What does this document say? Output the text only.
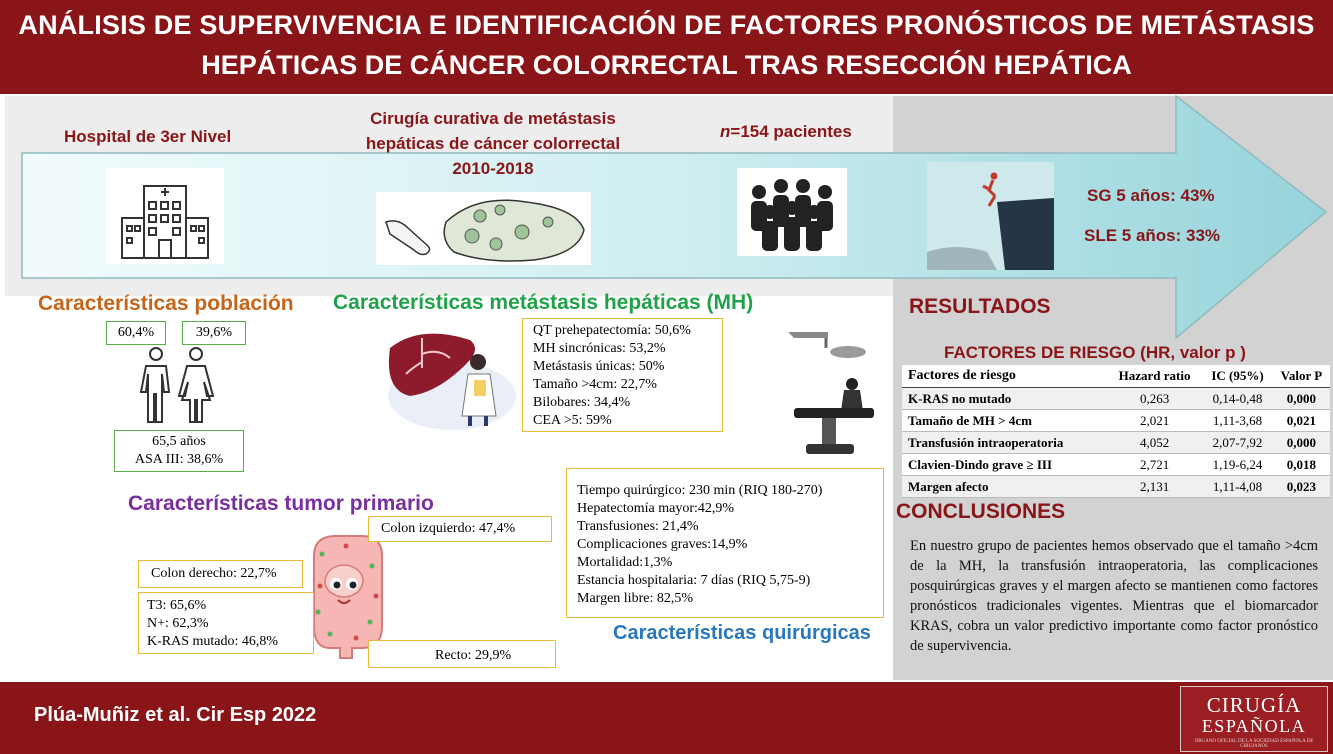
ANÁLISIS DE SUPERVIVENCIA E IDENTIFICACIÓN DE FACTORES PRONÓSTICOS DE METÁSTASIS
HEPÁTICAS DE CÁNCER COLORRECTAL TRAS RESECCIÓN HEPÁTICA
Hospital de 3er Nivel
Cirugía curativa de metástasis
hepáticas de cáncer colorrectal
2010-2018
n=154 pacientes
SG 5 años: 43%
SLE 5 años: 33%
Características población
60,4%	39,6%
65,5 años
ASA III: 38,6%
Características metástasis hepáticas (MH)
QT prehepatectomía: 50,6%
MH sincrónicas: 53,2%
Metástasis únicas: 50%
Tamaño >4cm: 22,7%
Bilobares: 34,4%
CEA >5: 59%
Características tumor primario
Colon izquierdo: 47,4%
Colon derecho: 22,7%
T3: 65,6%
N+: 62,3%
K-RAS mutado: 46,8%
Recto: 29,9%
Tiempo quirúrgico: 230 min (RIQ 180-270)
Hepatectomía mayor:42,9%
Transfusiones: 21,4%
Complicaciones graves:14,9%
Mortalidad:1,3%
Estancia hospitalaria: 7 días (RIQ 5,75-9)
Margen libre: 82,5%
Características quirúrgicas
RESULTADOS
FACTORES DE RIESGO (HR, valor p )
Factores de riesgo	Hazard ratio	IC (95%)	Valor P
K-RAS no mutado	0,263	0,14-0,48	0,000
Tamaño de MH > 4cm	2,021	1,11-3,68	0,021
Transfusión intraoperatoria	4,052	2,07-7,92	0,000
Clavien-Dindo grave ≥ III	2,721	1,19-6,24	0,018
Margen afecto	2,131	1,11-4,08	0,023
CONCLUSIONES
En nuestro grupo de pacientes hemos observado que el tamaño >4cm de la MH, la transfusión intraoperatoria, las complicaciones posquirúrgicas graves y el margen afecto se mantienen como factores pronósticos tradicionales vigentes. Mientras que el biomarcador KRAS, cobra un valor predictivo importante como factor pronóstico de supervivencia.
Plúa-Muñiz et al. Cir Esp 2022	CIRUGÍA
ESPAÑOLA
ÓRGANO OFICIAL DE LA SOCIEDAD ESPAÑOLA DE CIRUJANOS
